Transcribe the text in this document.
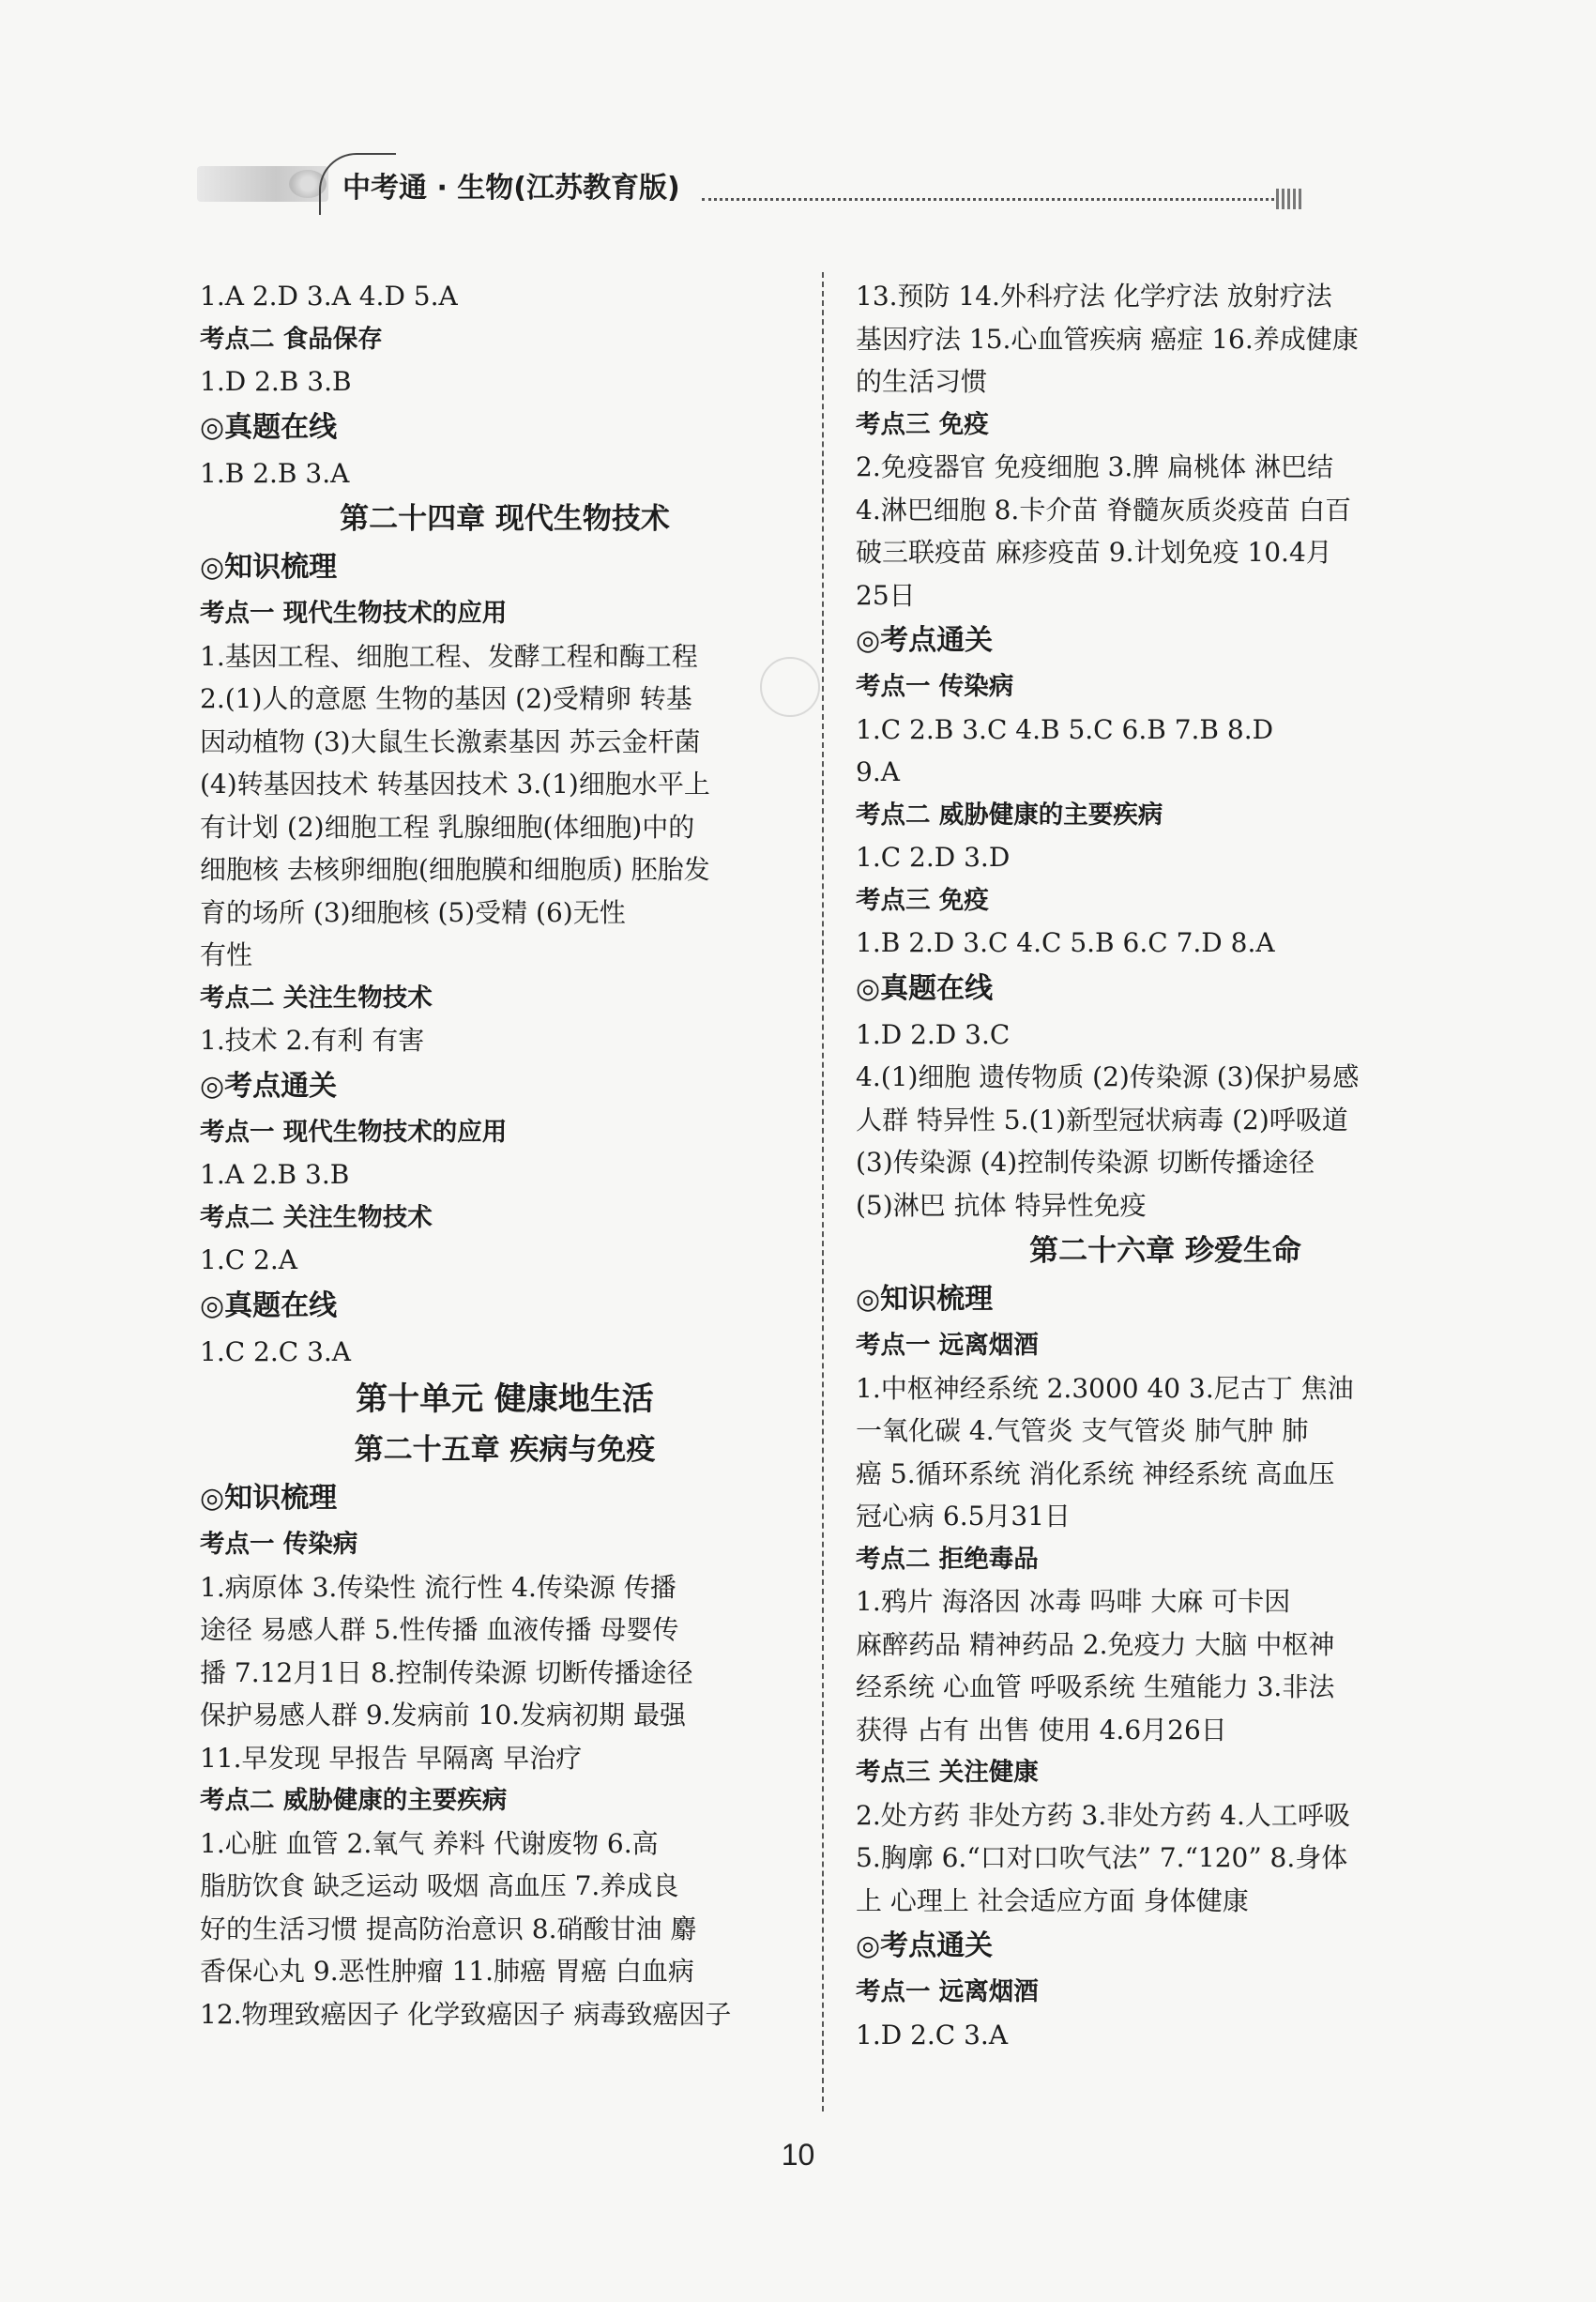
中考通 · 生物(江苏教育版)
1.A 2.D 3.A 4.D 5.A
考点二 食品保存
1.D 2.B 3.B
◎真题在线
1.B 2.B 3.A
第二十四章 现代生物技术
◎知识梳理
考点一 现代生物技术的应用
1.基因工程、细胞工程、发酵工程和酶工程
2.(1)人的意愿 生物的基因 (2)受精卵 转基
因动植物 (3)大鼠生长激素基因 苏云金杆菌
(4)转基因技术 转基因技术 3.(1)细胞水平上
有计划 (2)细胞工程 乳腺细胞(体细胞)中的
细胞核 去核卵细胞(细胞膜和细胞质) 胚胎发
育的场所 (3)细胞核 (5)受精 (6)无性
有性
考点二 关注生物技术
1.技术 2.有利 有害
◎考点通关
考点一 现代生物技术的应用
1.A 2.B 3.B
考点二 关注生物技术
1.C 2.A
◎真题在线
1.C 2.C 3.A
第十单元 健康地生活
第二十五章 疾病与免疫
◎知识梳理
考点一 传染病
1.病原体 3.传染性 流行性 4.传染源 传播
途径 易感人群 5.性传播 血液传播 母婴传
播 7.12月1日 8.控制传染源 切断传播途径
保护易感人群 9.发病前 10.发病初期 最强
11.早发现 早报告 早隔离 早治疗
考点二 威胁健康的主要疾病
1.心脏 血管 2.氧气 养料 代谢废物 6.高
脂肪饮食 缺乏运动 吸烟 高血压 7.养成良
好的生活习惯 提高防治意识 8.硝酸甘油 麝
香保心丸 9.恶性肿瘤 11.肺癌 胃癌 白血病
12.物理致癌因子 化学致癌因子 病毒致癌因子
13.预防 14.外科疗法 化学疗法 放射疗法
基因疗法 15.心血管疾病 癌症 16.养成健康
的生活习惯
考点三 免疫
2.免疫器官 免疫细胞 3.脾 扁桃体 淋巴结
4.淋巴细胞 8.卡介苗 脊髓灰质炎疫苗 白百
破三联疫苗 麻疹疫苗 9.计划免疫 10.4月
25日
◎考点通关
考点一 传染病
1.C 2.B 3.C 4.B 5.C 6.B 7.B 8.D
9.A
考点二 威胁健康的主要疾病
1.C 2.D 3.D
考点三 免疫
1.B 2.D 3.C 4.C 5.B 6.C 7.D 8.A
◎真题在线
1.D 2.D 3.C
4.(1)细胞 遗传物质 (2)传染源 (3)保护易感
人群 特异性 5.(1)新型冠状病毒 (2)呼吸道
(3)传染源 (4)控制传染源 切断传播途径
(5)淋巴 抗体 特异性免疫
第二十六章 珍爱生命
◎知识梳理
考点一 远离烟酒
1.中枢神经系统 2.3000 40 3.尼古丁 焦油
一氧化碳 4.气管炎 支气管炎 肺气肿 肺
癌 5.循环系统 消化系统 神经系统 高血压
冠心病 6.5月31日
考点二 拒绝毒品
1.鸦片 海洛因 冰毒 吗啡 大麻 可卡因
麻醉药品 精神药品 2.免疫力 大脑 中枢神
经系统 心血管 呼吸系统 生殖能力 3.非法
获得 占有 出售 使用 4.6月26日
考点三 关注健康
2.处方药 非处方药 3.非处方药 4.人工呼吸
5.胸廓 6.“口对口吹气法” 7.“120” 8.身体
上 心理上 社会适应方面 身体健康
◎考点通关
考点一 远离烟酒
1.D 2.C 3.A
10
